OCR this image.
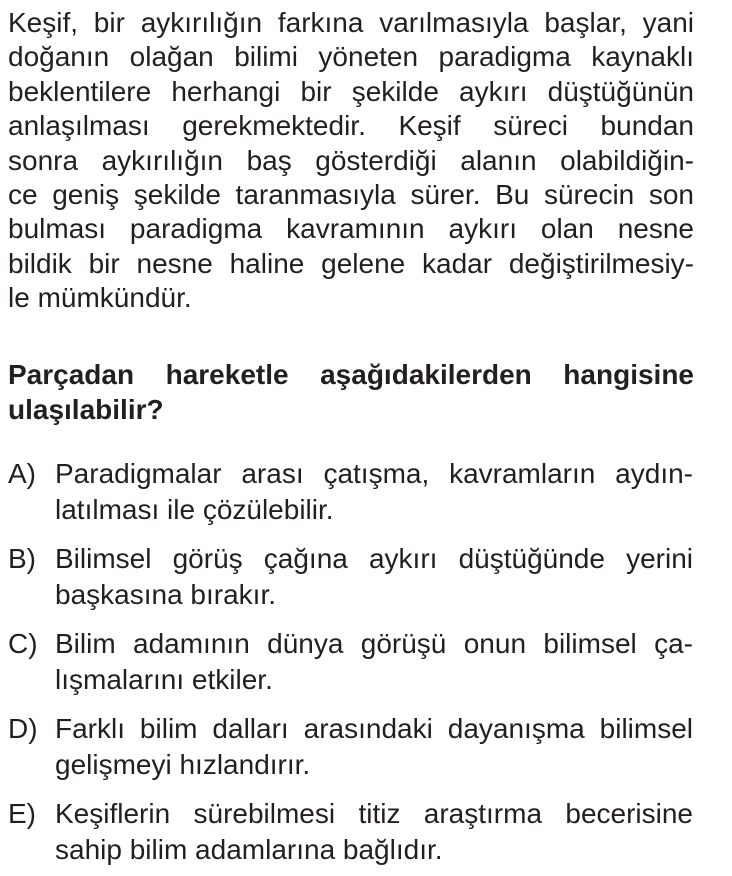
Keşif, bir aykırılığın farkına varılmasıyla başlar, yani
doğanın olağan bilimi yöneten paradigma kaynaklı
beklentilere herhangi bir şekilde aykırı düştüğünün
anlaşılması gerekmektedir. Keşif süreci bundan
sonra aykırılığın baş gösterdiği alanın olabildiğin-
ce geniş şekilde taranmasıyla sürer. Bu sürecin son
bulması paradigma kavramının aykırı olan nesne
bildik bir nesne haline gelene kadar değiştirilmesiy-
le mümkündür.
Parçadan hareketle aşağıdakilerden hangisine
ulaşılabilir?
A) Paradigmalar arası çatışma, kavramların aydın-
latılması ile çözülebilir.
B) Bilimsel görüş çağına aykırı düştüğünde yerini
başkasına bırakır.
C) Bilim adamının dünya görüşü onun bilimsel ça-
lışmalarını etkiler.
D) Farklı bilim dalları arasındaki dayanışma bilimsel
gelişmeyi hızlandırır.
E) Keşiflerin sürebilmesi titiz araştırma becerisine
sahip bilim adamlarına bağlıdır.
